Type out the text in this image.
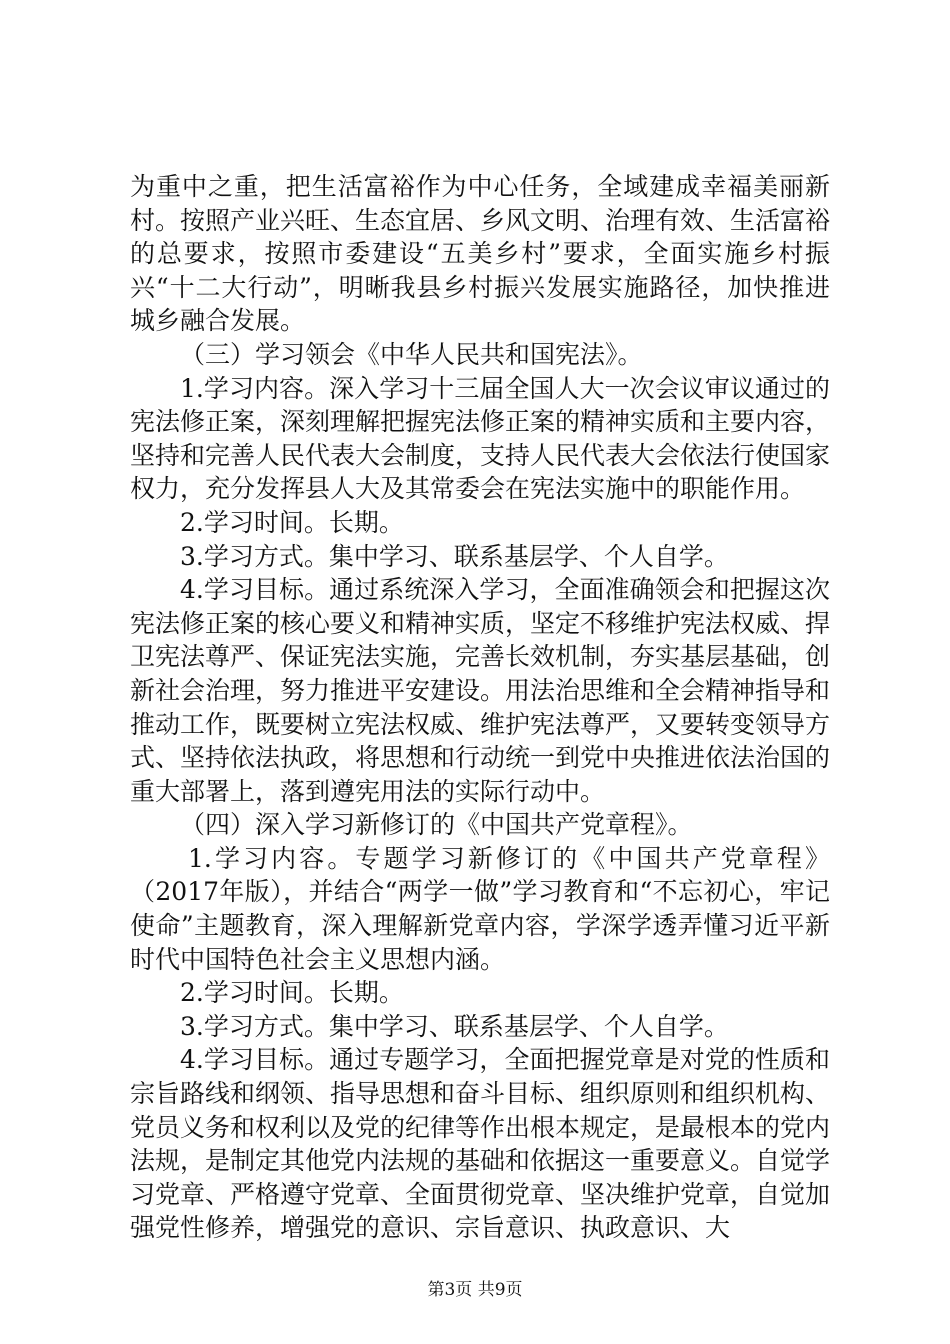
为重中之重，把生活富裕作为中心任务，全域建成幸福美丽新村。按照产业兴旺、生态宜居、乡风文明、治理有效、生活富裕的总要求，按照市委建设“五美乡村”要求，全面实施乡村振兴“十二大行动”，明晰我县乡村振兴发展实施路径，加快推进城乡融合发展。

（三）学习领会《中华人民共和国宪法》。

1.学习内容。深入学习十三届全国人大一次会议审议通过的宪法修正案，深刻理解把握宪法修正案的精神实质和主要内容，坚持和完善人民代表大会制度，支持人民代表大会依法行使国家权力，充分发挥县人大及其常委会在宪法实施中的职能作用。

2.学习时间。长期。

3.学习方式。集中学习、联系基层学、个人自学。

4.学习目标。通过系统深入学习，全面准确领会和把握这次宪法修正案的核心要义和精神实质，坚定不移维护宪法权威、捍卫宪法尊严、保证宪法实施，完善长效机制，夯实基层基础，创新社会治理，努力推进平安建设。用法治思维和全会精神指导和推动工作，既要树立宪法权威、维护宪法尊严，又要转变领导方式、坚持依法执政，将思想和行动统一到党中央推进依法治国的重大部署上，落到遵宪用法的实际行动中。

（四）深入学习新修订的《中国共产党章程》。

1.学习内容。专题学习新修订的《中国共产党章程》（2017年版），并结合“两学一做”学习教育和“不忘初心，牢记使命”主题教育，深入理解新党章内容，学深学透弄懂习近平新时代中国特色社会主义思想内涵。

2.学习时间。长期。

3.学习方式。集中学习、联系基层学、个人自学。

4.学习目标。通过专题学习，全面把握党章是对党的性质和宗旨路线和纲领、指导思想和奋斗目标、组织原则和组织机构、党员义务和权利以及党的纪律等作出根本规定，是最根本的党内法规，是制定其他党内法规的基础和依据这一重要意义。自觉学习党章、严格遵守党章、全面贯彻党章、坚决维护党章，自觉加强党性修养，增强党的意识、宗旨意识、执政意识、大

第3页 共9页
